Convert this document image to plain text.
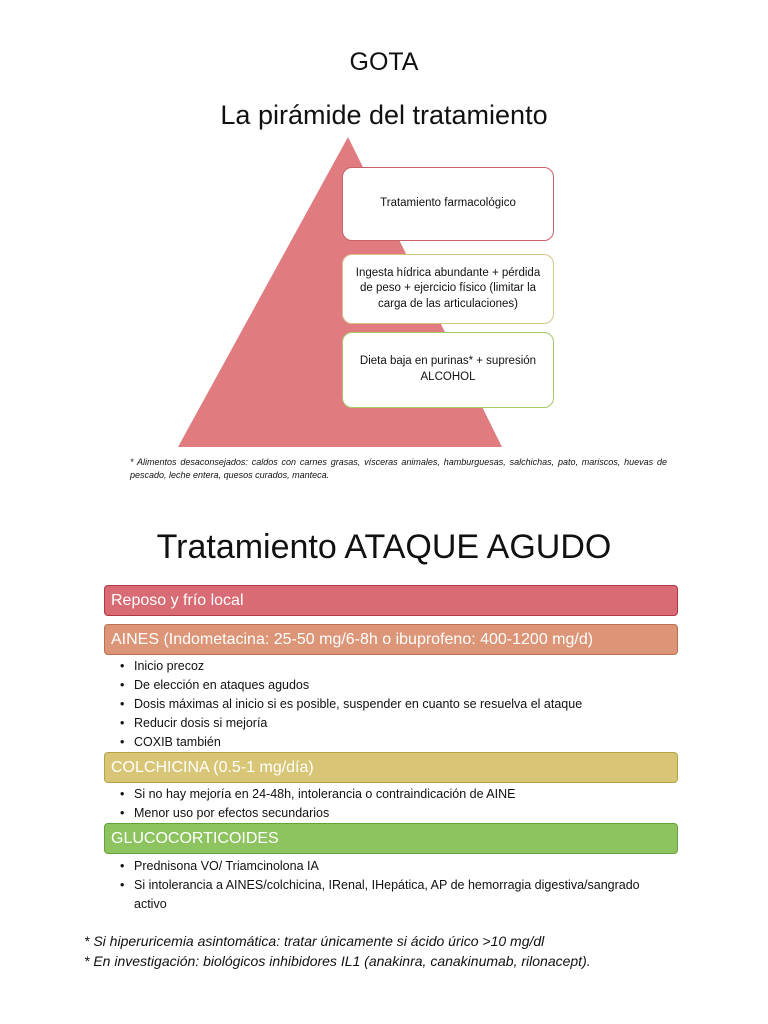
GOTA
La pirámide del tratamiento
Tratamiento farmacológico
Ingesta hídrica abundante + pérdida de peso + ejercicio físico (limitar la carga de las articulaciones)
Dieta baja en purinas* + supresión
ALCOHOL
* Alimentos desaconsejados: caldos con carnes grasas, vísceras animales, hamburguesas, salchichas, pato, mariscos, huevas de pescado, leche entera, quesos curados, manteca.
Tratamiento ATAQUE AGUDO
Reposo y frío local
AINES (Indometacina: 25-50 mg/6-8h o ibuprofeno: 400-1200 mg/d)
• Inicio precoz
• De elección en ataques agudos
• Dosis máximas al inicio si es posible, suspender en cuanto se resuelva el ataque
• Reducir dosis si mejoría
• COXIB también
COLCHICINA (0.5-1 mg/día)
• Si no hay mejoría en 24-48h, intolerancia o contraindicación de AINE
• Menor uso por efectos secundarios
GLUCOCORTICOIDES
• Prednisona VO/ Triamcinolona IA
• Si intolerancia a AINES/colchicina, IRenal, IHepática, AP de hemorragia digestiva/sangrado activo
* Si hiperuricemia asintomática: tratar únicamente si ácido úrico >10 mg/dl
* En investigación: biológicos inhibidores IL1 (anakinra, canakinumab, rilonacept).
